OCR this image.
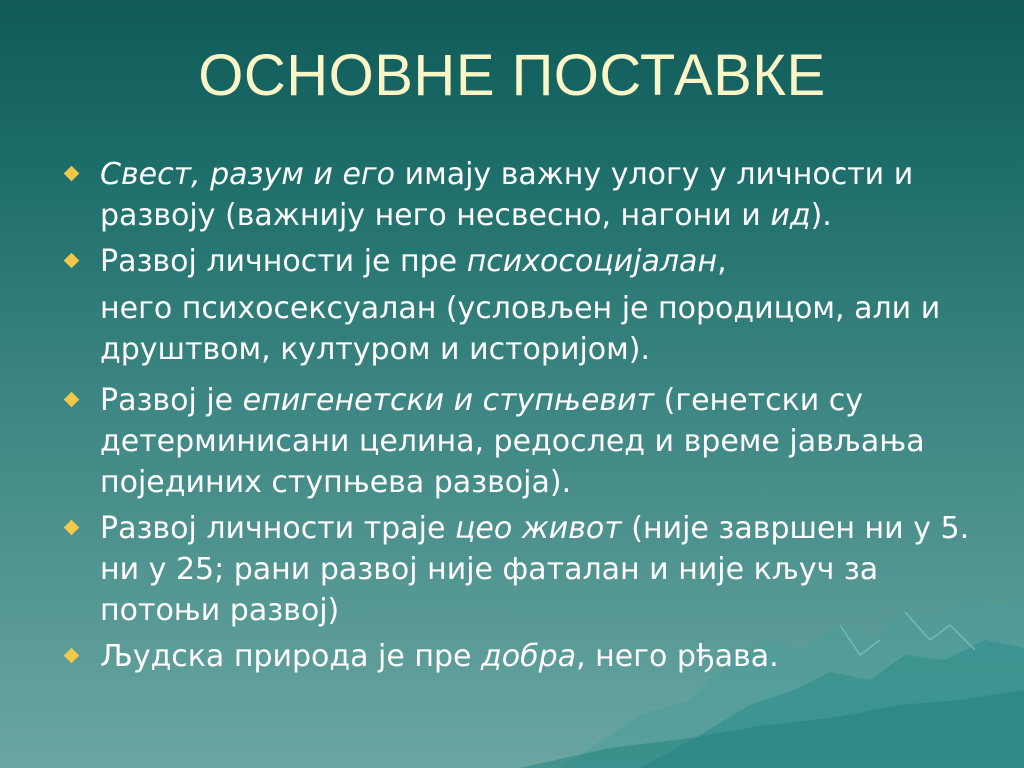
ОСНОВНЕ ПОСТАВКЕ
Свест, разум и его имају важну улогу у личности и развоју (важнију него несвесно, нагони и ид).
Развој личности је пре психосоцијалан,
него психосексуалан (условљен је породицом, али и друштвом, културом и историјом).
Развој је епигенетски и ступњевит (генетски су детерминисани целина, редослед и време јављања појединих ступњева развоја).
Развој личности траје цео живот (није завршен ни у 5. ни у 25; рани развој није фаталан и није кључ за потоњи развој)
Људска природа је пре добра, него рђава.
